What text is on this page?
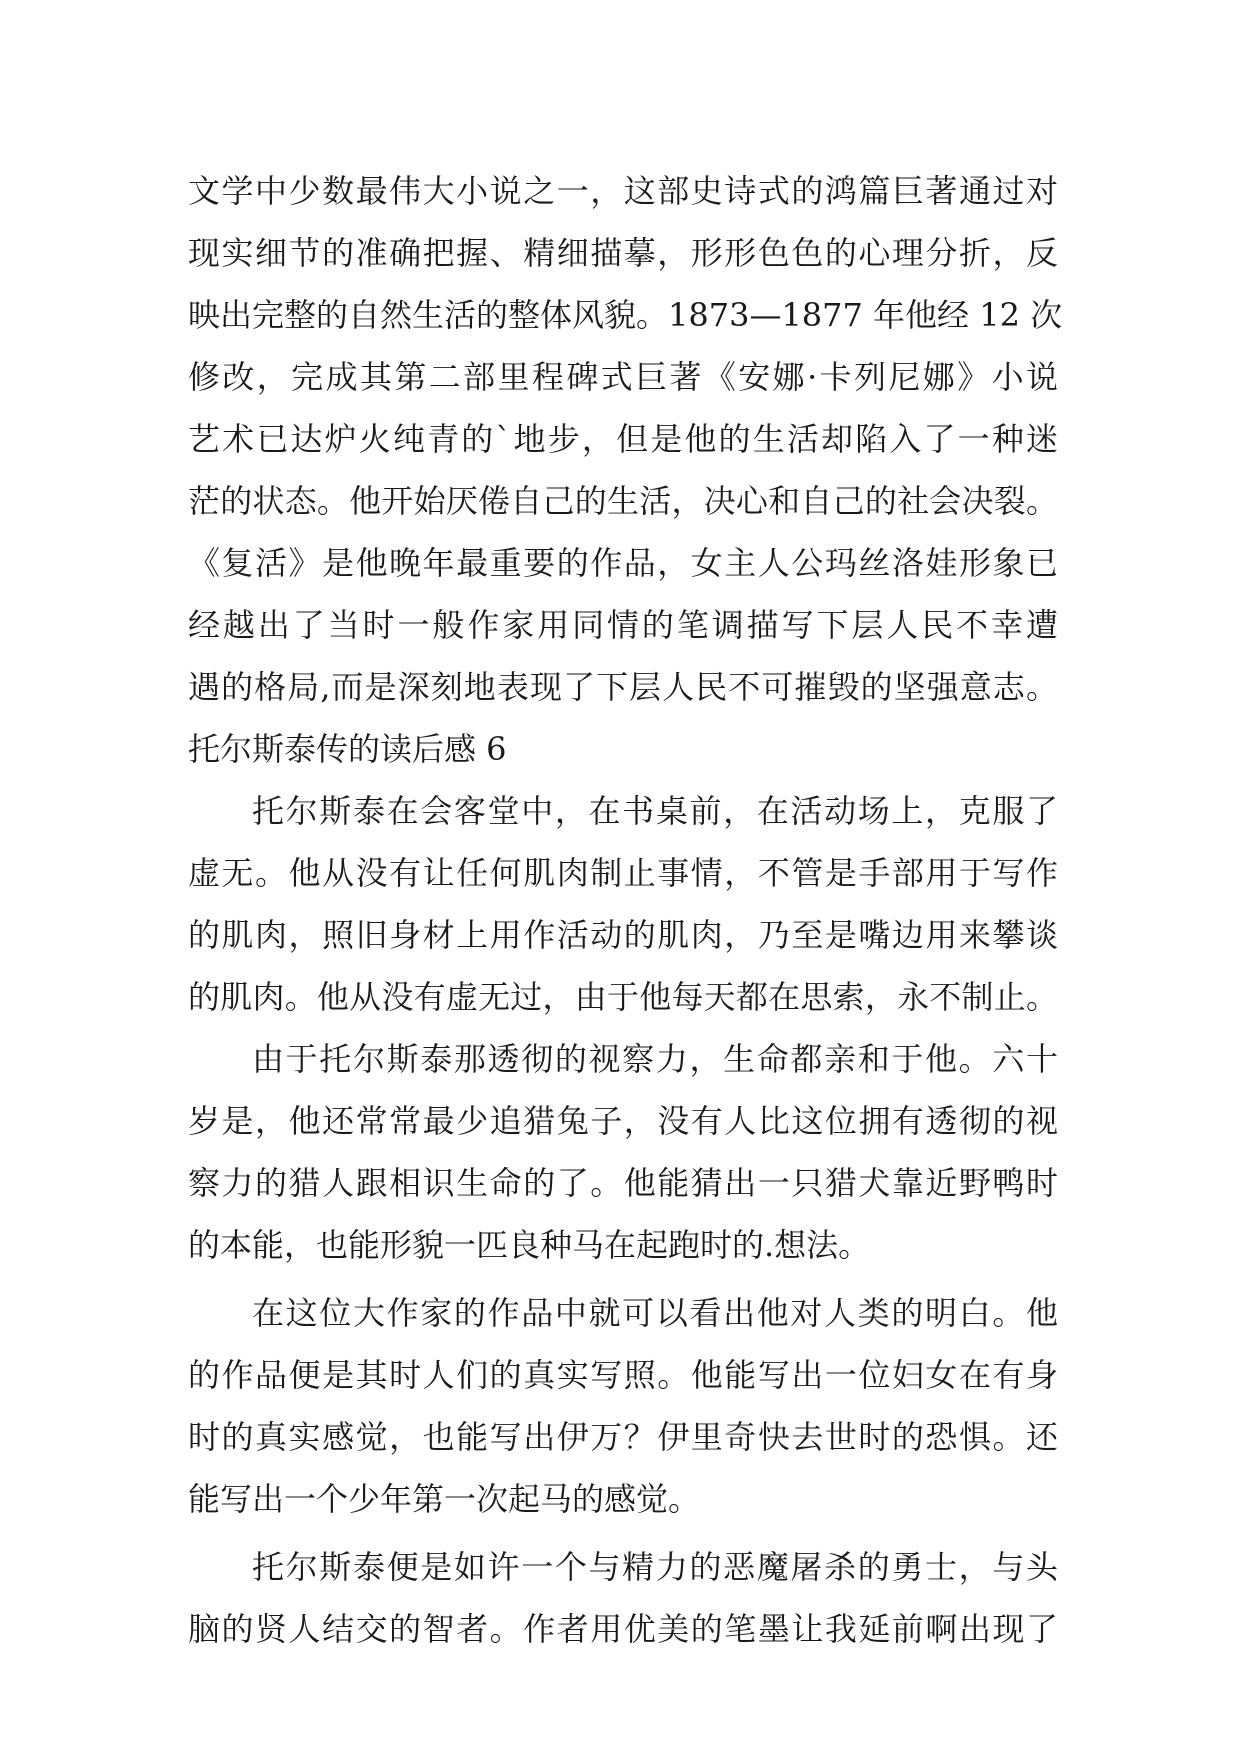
文学中少数最伟大小说之一，这部史诗式的鸿篇巨著通过对
现实细节的准确把握、精细描摹，形形色色的心理分折，反
映出完整的自然生活的整体风貌。1873—1877 年他经 12 次
修改，完成其第二部里程碑式巨著《安娜·卡列尼娜》小说
艺术已达炉火纯青的`地步，但是他的生活却陷入了一种迷
茫的状态。他开始厌倦自己的生活，决心和自己的社会决裂。
《复活》是他晚年最重要的作品，女主人公玛丝洛娃形象已
经越出了当时一般作家用同情的笔调描写下层人民不幸遭
遇的格局,而是深刻地表现了下层人民不可摧毁的坚强意志。
托尔斯泰传的读后感 6
托尔斯泰在会客堂中，在书桌前，在活动场上，克服了
虚无。他从没有让任何肌肉制止事情，不管是手部用于写作
的肌肉，照旧身材上用作活动的肌肉，乃至是嘴边用来攀谈
的肌肉。他从没有虚无过，由于他每天都在思索，永不制止。
由于托尔斯泰那透彻的视察力，生命都亲和于他。六十
岁是，他还常常最少追猎兔子，没有人比这位拥有透彻的视
察力的猎人跟相识生命的了。他能猜出一只猎犬靠近野鸭时
的本能，也能形貌一匹良种马在起跑时的.想法。
在这位大作家的作品中就可以看出他对人类的明白。他
的作品便是其时人们的真实写照。他能写出一位妇女在有身
时的真实感觉，也能写出伊万？伊里奇快去世时的恐惧。还
能写出一个少年第一次起马的感觉。
托尔斯泰便是如许一个与精力的恶魔屠杀的勇士，与头
脑的贤人结交的智者。作者用优美的笔墨让我延前啊出现了
